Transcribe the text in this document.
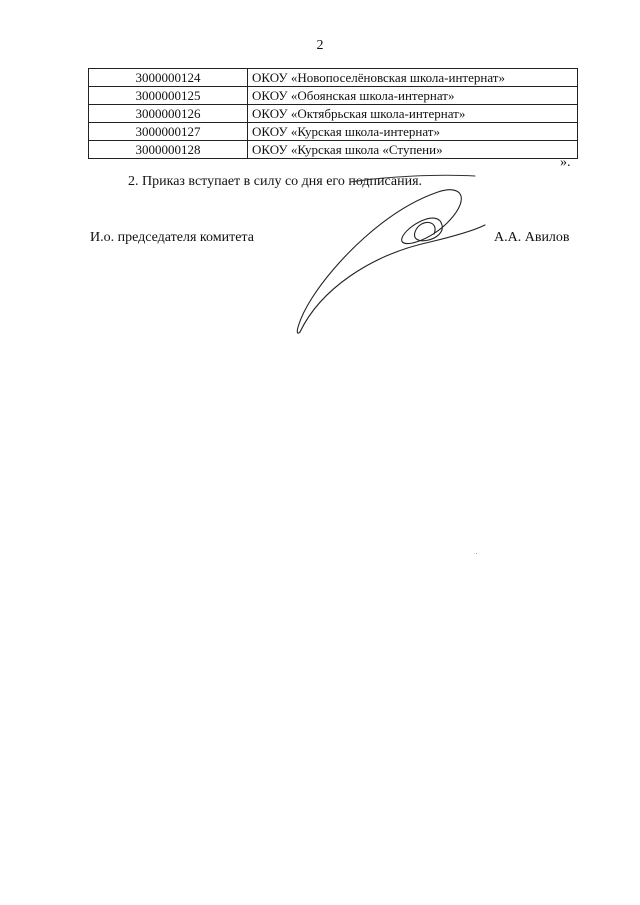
2
3000000124	ОКОУ «Новопоселёновская школа-интернат»
3000000125	ОКОУ «Обоянская школа-интернат»
3000000126	ОКОУ «Октябрьская школа-интернат»
3000000127	ОКОУ «Курская школа-интернат»
3000000128	ОКОУ «Курская школа «Ступени»
».
2. Приказ вступает в силу со дня его подписания.
И.о. председателя комитета	А.А. Авилов
